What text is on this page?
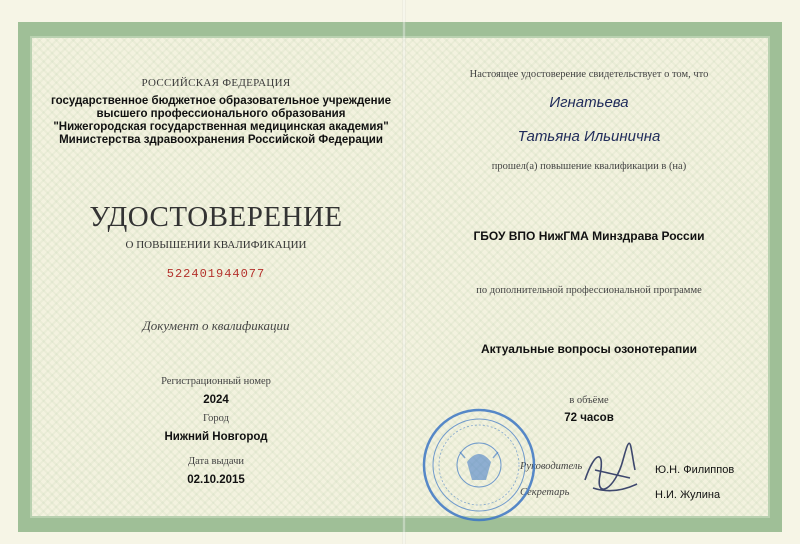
РОССИЙСКАЯ ФЕДЕРАЦИЯ
государственное бюджетное образовательное учреждение высшего профессионального образования "Нижегородская государственная медицинская академия" Министерства здравоохранения Российской Федерации
УДОСТОВЕРЕНИЕ
О ПОВЫШЕНИИ КВАЛИФИКАЦИИ
522401944077
Документ о квалификации
Регистрационный номер
2024
Город
Нижний Новгород
Дата выдачи
02.10.2015
Настоящее удостоверение свидетельствует о том, что
Игнатьева
Татьяна Ильинична
прошел(а) повышение квалификации в (на)
ГБОУ ВПО НижГМА Минздрава России
по дополнительной профессиональной программе
Актуальные вопросы озонотерапии
в объёме
72 часов
Руководитель	Ю.Н. Филиппов
Секретарь	Н.И. Жулина
